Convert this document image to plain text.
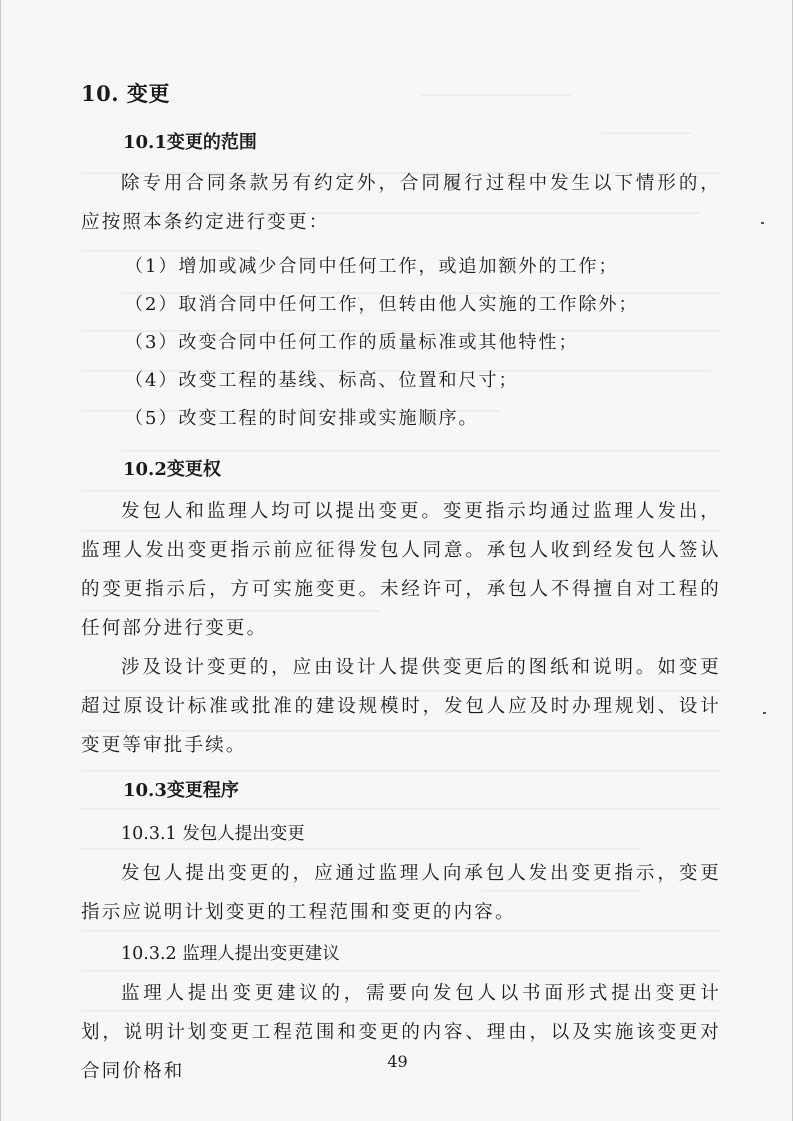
10. 变更
10.1变更的范围
除专用合同条款另有约定外，合同履行过程中发生以下情形的，应按照本条约定进行变更：
（1）增加或减少合同中任何工作，或追加额外的工作；
（2）取消合同中任何工作，但转由他人实施的工作除外；
（3）改变合同中任何工作的质量标准或其他特性；
（4）改变工程的基线、标高、位置和尺寸；
（5）改变工程的时间安排或实施顺序。
10.2变更权
发包人和监理人均可以提出变更。变更指示均通过监理人发出，监理人发出变更指示前应征得发包人同意。承包人收到经发包人签认的变更指示后，方可实施变更。未经许可，承包人不得擅自对工程的任何部分进行变更。
涉及设计变更的，应由设计人提供变更后的图纸和说明。如变更超过原设计标准或批准的建设规模时，发包人应及时办理规划、设计变更等审批手续。
10.3变更程序
10.3.1 发包人提出变更
发包人提出变更的，应通过监理人向承包人发出变更指示，变更指示应说明计划变更的工程范围和变更的内容。
10.3.2 监理人提出变更建议
监理人提出变更建议的，需要向发包人以书面形式提出变更计划，说明计划变更工程范围和变更的内容、理由，以及实施该变更对合同价格和	49
